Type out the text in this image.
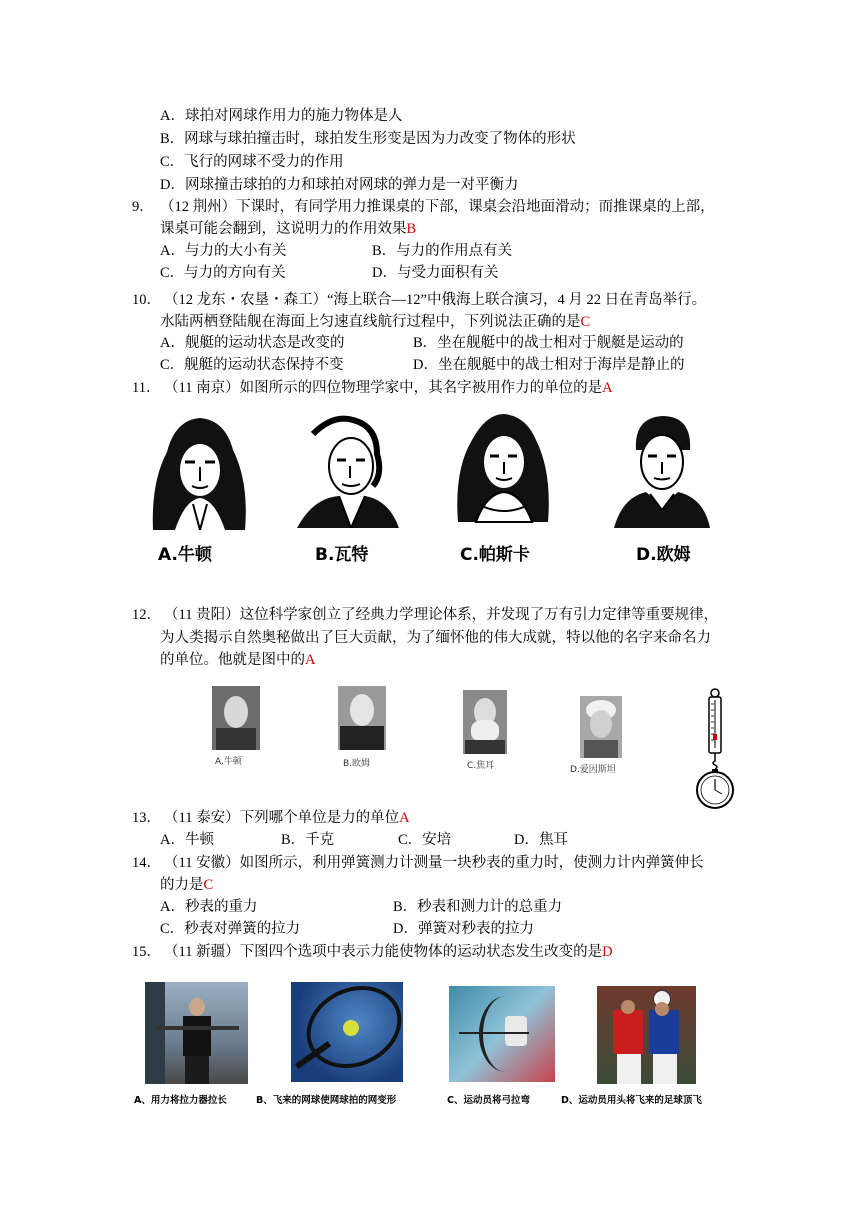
A．球拍对网球作用力的施力物体是人
B．网球与球拍撞击时，球拍发生形变是因为力改变了物体的形状
C．飞行的网球不受力的作用
D．网球撞击球拍的力和球拍对网球的弹力是一对平衡力
9． （12 荆州）下课时，有同学用力推课桌的下部，课桌会沿地面滑动；而推课桌的上部，
课桌可能会翻到，这说明力的作用效果B
A．与力的大小有关	B．与力的作用点有关
C．与力的方向有关	D．与受力面积有关
10． （12 龙东・农垦・森工）“海上联合—12”中俄海上联合演习，4 月 22 日在青岛举行。
水陆两栖登陆舰在海面上匀速直线航行过程中，下列说法正确的是C
A．舰艇的运动状态是改变的	B．坐在舰艇中的战士相对于舰艇是运动的
C．舰艇的运动状态保持不变	D．坐在舰艇中的战士相对于海岸是静止的
11． （11 南京）如图所示的四位物理学家中，其名字被用作力的单位的是A
A.牛顿	B.瓦特	C.帕斯卡	D.欧姆
12． （11 贵阳）这位科学家创立了经典力学理论体系，并发现了万有引力定律等重要规律，
为人类揭示自然奥秘做出了巨大贡献，为了缅怀他的伟大成就，特以他的名字来命名力
的单位。他就是图中的A
A.牛顿	B.欧姆	C.焦耳	D.爱因斯坦
13． （11 泰安）下列哪个单位是力的单位A
A．牛顿	B．千克	C．安培	D．焦耳
14． （11 安徽）如图所示，利用弹簧测力计测量一块秒表的重力时，使测力计内弹簧伸长
的力是C
A．秒表的重力	B．秒表和测力计的总重力
C．秒表对弹簧的拉力	D．弹簧对秒表的拉力
15． （11 新疆）下图四个选项中表示力能使物体的运动状态发生改变的是D
A、用力将拉力器拉长	B、飞来的网球使网球拍的网变形	C、运动员将弓拉弯	D、运动员用头将飞来的足球顶飞
